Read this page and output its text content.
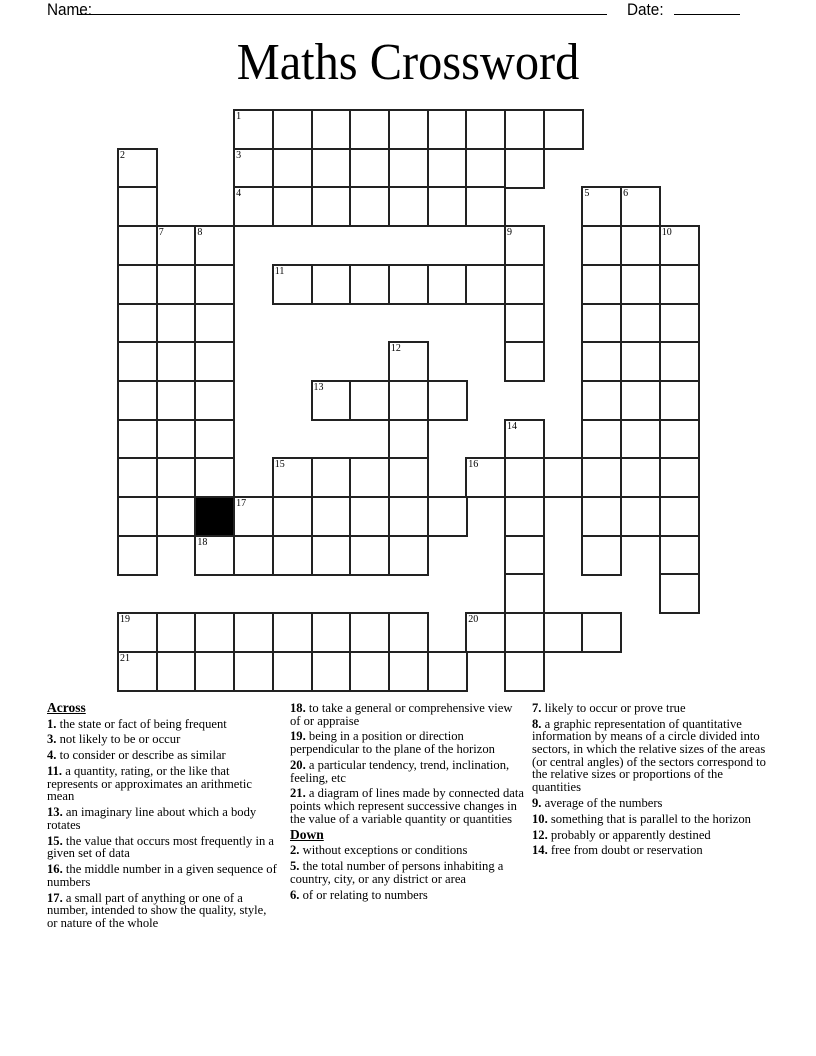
Name:	Date:
Maths Crossword
1
2	3
4	5	6
7	8	9	10
11
12
13
14
15	16
17
18
19	20
21
Across
1. the state or fact of being frequent
3. not likely to be or occur
4. to consider or describe as similar
11. a quantity, rating, or the like that represents or approximates an arithmetic mean
13. an imaginary line about which a body rotates
15. the value that occurs most frequently in a given set of data
16. the middle number in a given sequence of numbers
17. a small part of anything or one of a number, intended to show the quality, style, or nature of the whole
18. to take a general or comprehensive view of or appraise
19. being in a position or direction perpendicular to the plane of the horizon
20. a particular tendency, trend, inclination, feeling, etc
21. a diagram of lines made by connected data points which represent successive changes in the value of a variable quantity or quantities
Down
2. without exceptions or conditions
5. the total number of persons inhabiting a country, city, or any district or area
6. of or relating to numbers
7. likely to occur or prove true
8. a graphic representation of quantitative information by means of a circle divided into sectors, in which the relative sizes of the areas (or central angles) of the sectors correspond to the relative sizes or proportions of the quantities
9. average of the numbers
10. something that is parallel to the horizon
12. probably or apparently destined
14. free from doubt or reservation
